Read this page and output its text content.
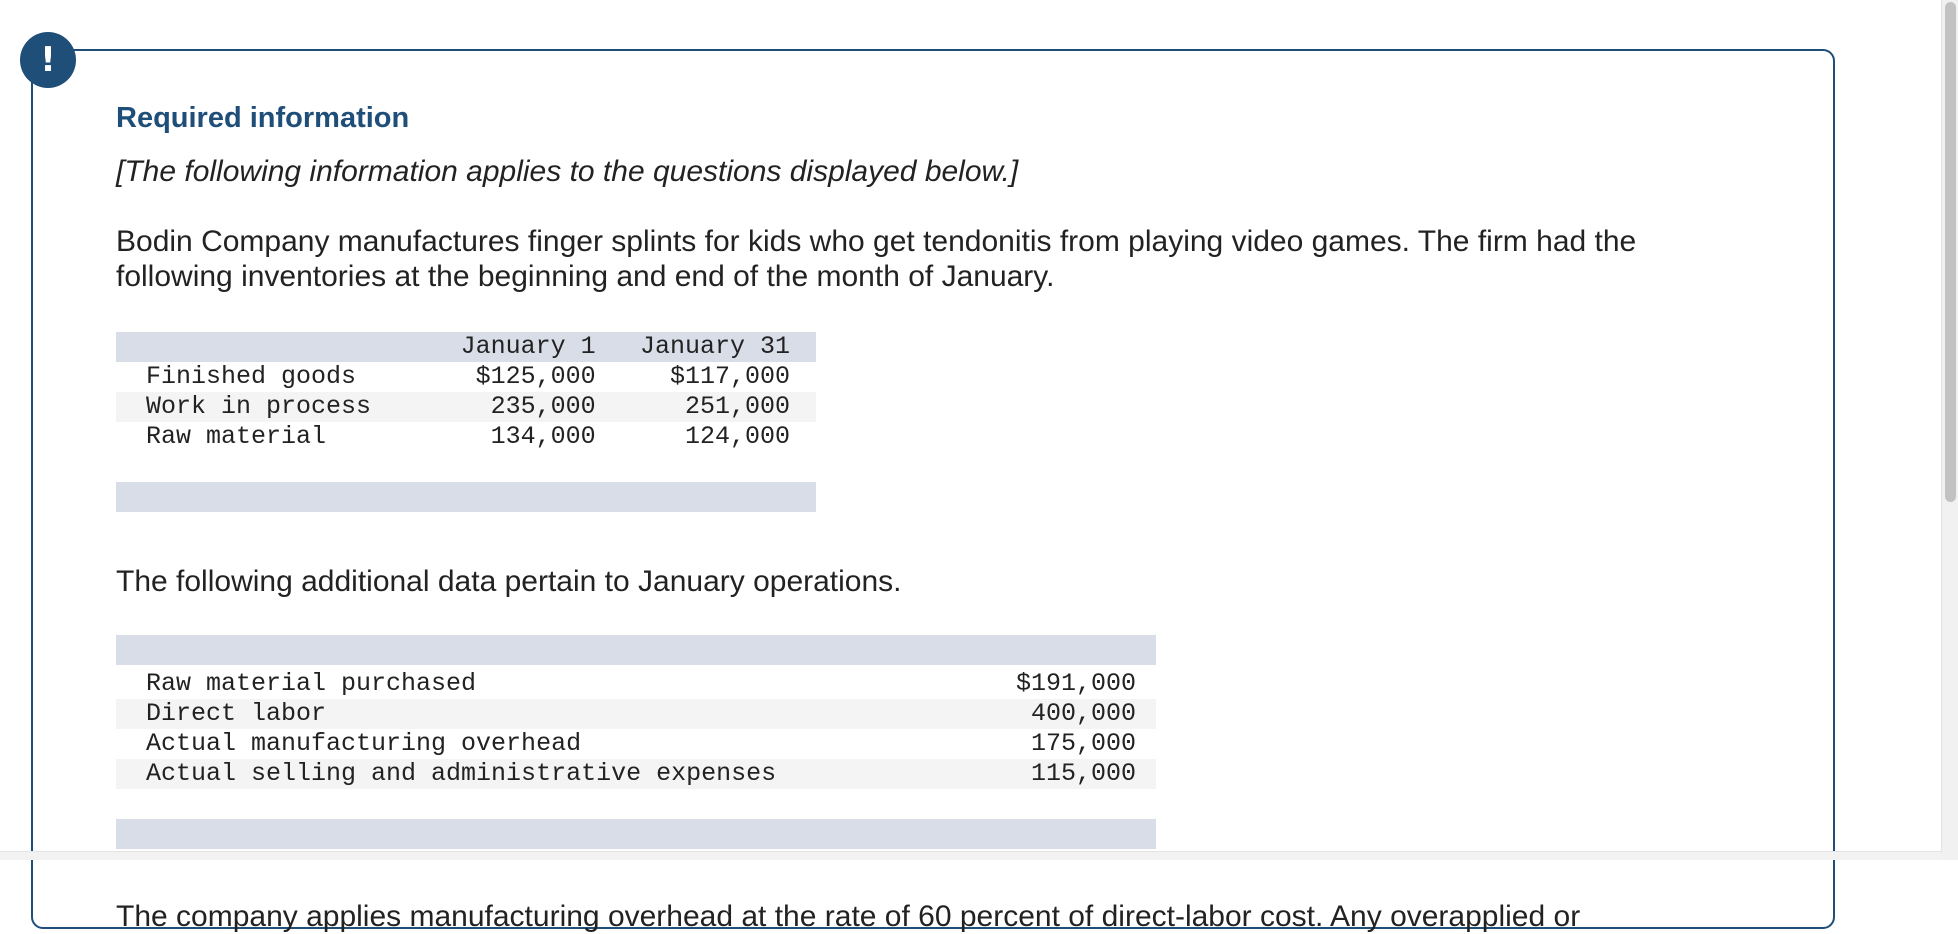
!
Required information
[The following information applies to the questions displayed below.]
Bodin Company manufactures finger splints for kids who get tendonitis from playing video games. The firm had the following inventories at the beginning and end of the month of January.
	January 1	January 31
Finished goods	$125,000	$117,000
Work in process	235,000	251,000
Raw material	134,000	124,000

The following additional data pertain to January operations.

Raw material purchased	$191,000
Direct labor	400,000
Actual manufacturing overhead	175,000
Actual selling and administrative expenses	115,000

The company applies manufacturing overhead at the rate of 60 percent of direct-labor cost. Any overapplied or
